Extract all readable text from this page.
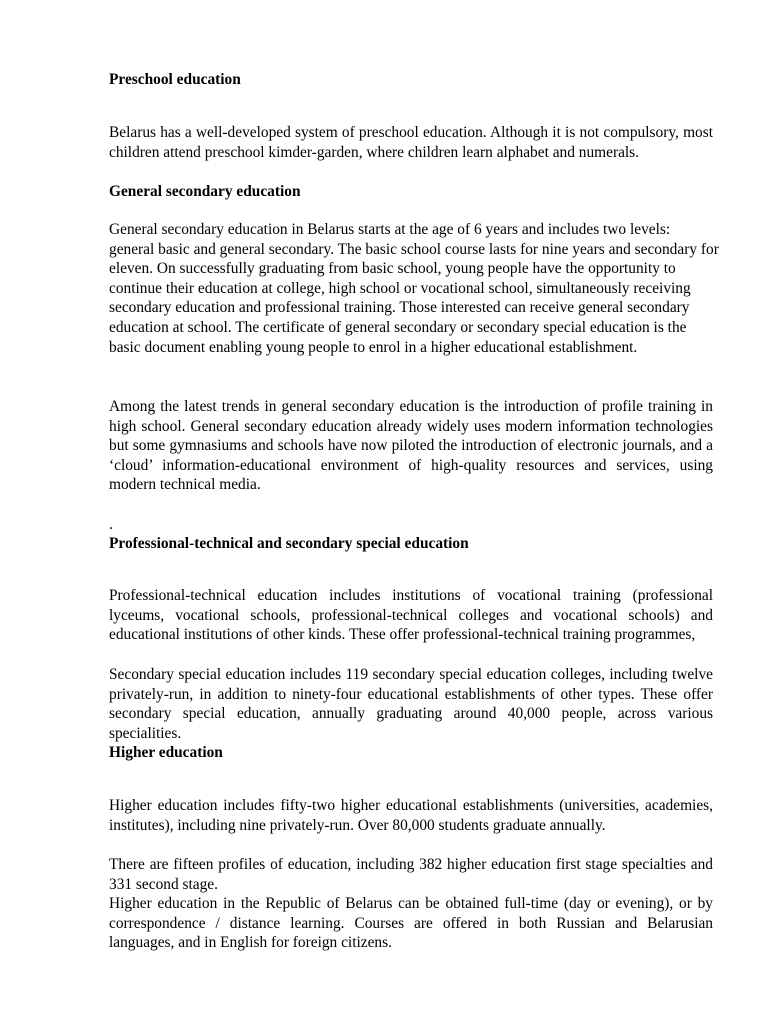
Preschool education

Belarus has a well-developed system of preschool education. Although it is not compulsory, most children attend preschool kimder-garden, where children learn alphabet and numerals.

General secondary education

General secondary education in Belarus starts at the age of 6 years and includes two levels: general basic and general secondary. The basic school course lasts for nine years and secondary for eleven. On successfully graduating from basic school, young people have the opportunity to continue their education at college, high school or vocational school, simultaneously receiving secondary education and professional training. Those interested can receive general secondary education at school. The certificate of general secondary or secondary special education is the basic document enabling young people to enrol in a higher educational establishment.

Among the latest trends in general secondary education is the introduction of profile training in high school. General secondary education already widely uses modern information technologies but some gymnasiums and schools have now piloted the introduction of electronic journals, and a ‘cloud’ information-educational environment of high-quality resources and services, using modern technical media.

.

Professional-technical and secondary special education

Professional-technical education includes institutions of vocational training (professional lyceums, vocational schools, professional-technical colleges and vocational schools) and educational institutions of other kinds. These offer professional-technical training programmes,

Secondary special education includes 119 secondary special education colleges, including twelve privately-run, in addition to ninety-four educational establishments of other types. These offer secondary special education, annually graduating around 40,000 people, across various specialities.

Higher education

Higher education includes fifty-two higher educational establishments (universities, academies, institutes), including nine privately-run. Over 80,000 students graduate annually.

There are fifteen profiles of education, including 382 higher education first stage specialties and 331 second stage.

Higher education in the Republic of Belarus can be obtained full-time (day or evening), or by correspondence / distance learning. Courses are offered in both Russian and Belarusian languages, and in English for foreign citizens.
